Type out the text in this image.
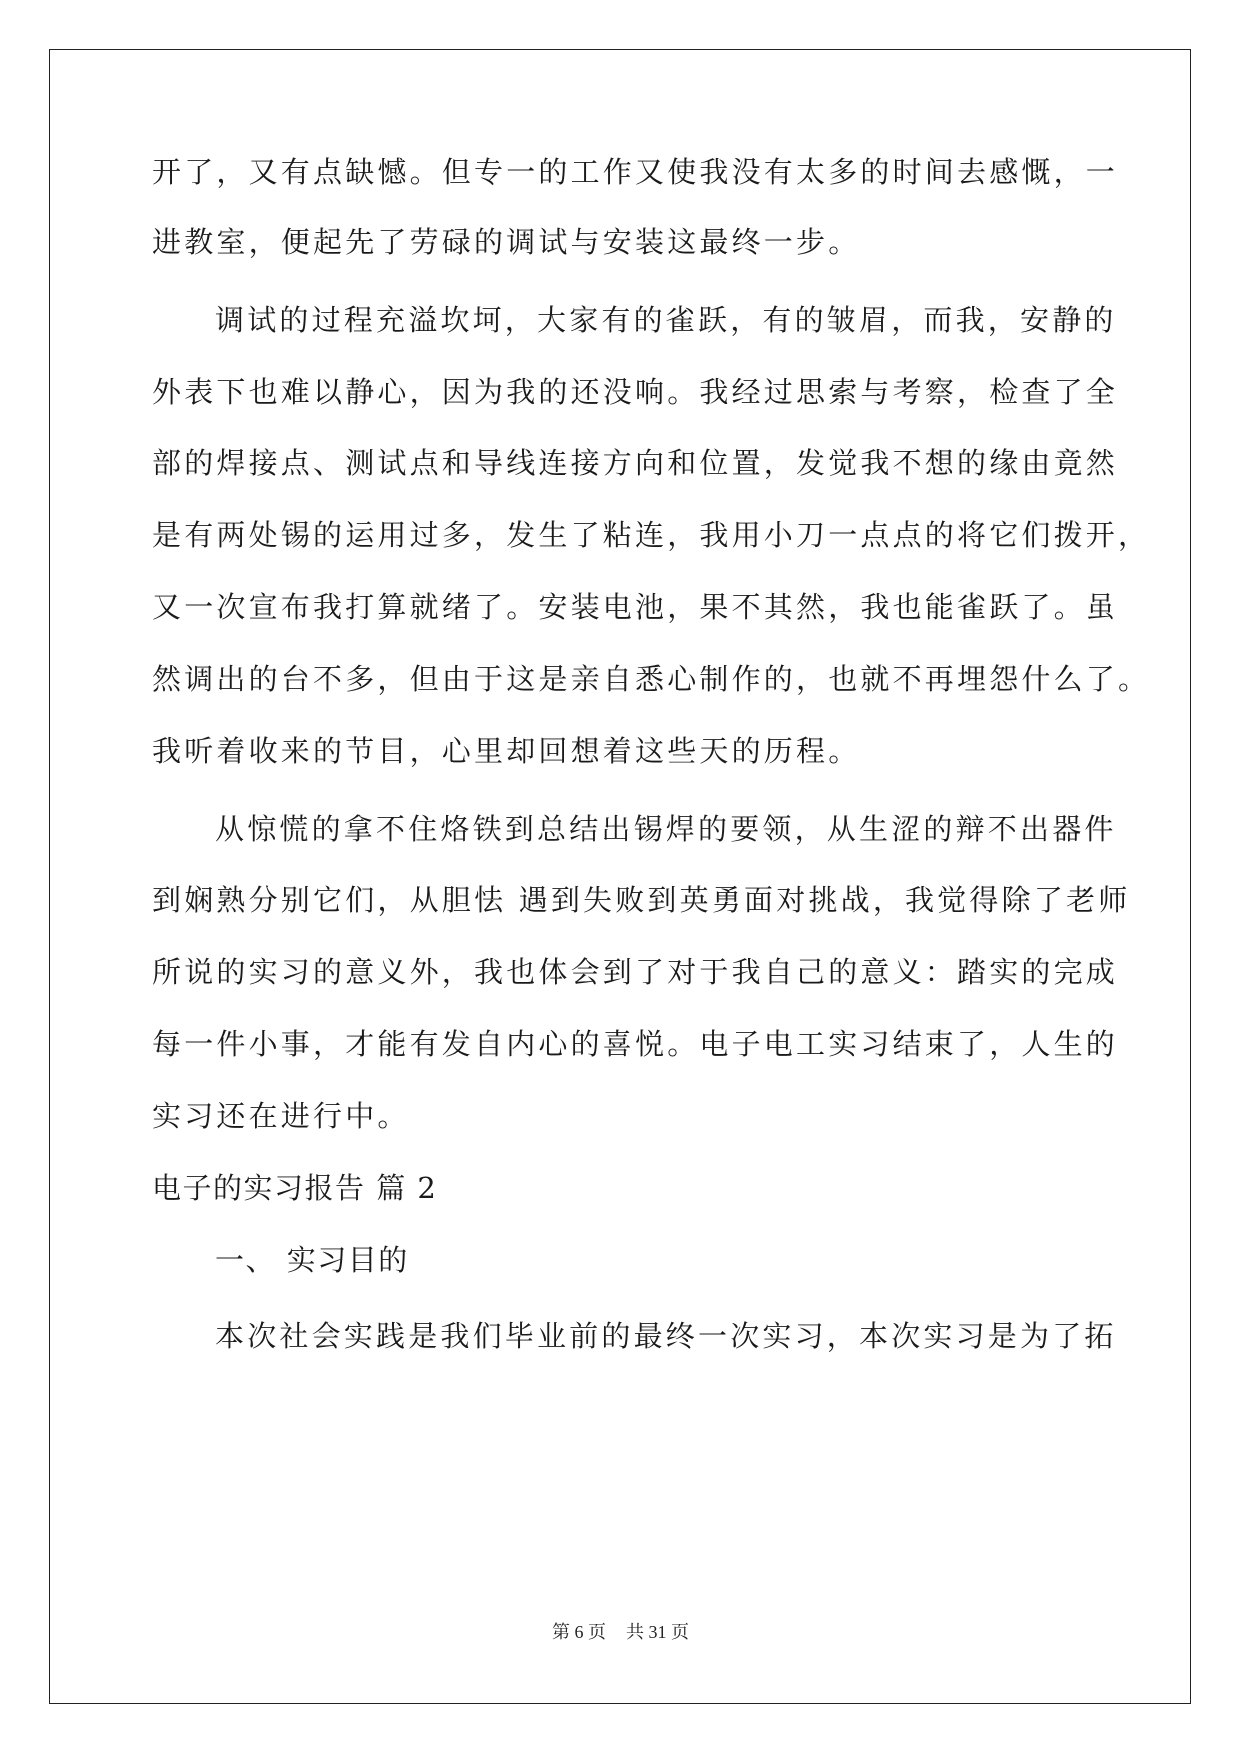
开了，又有点缺憾。但专一的工作又使我没有太多的时间去感慨，一
进教室，便起先了劳碌的调试与安装这最终一步。
调试的过程充溢坎坷，大家有的雀跃，有的皱眉，而我，安静的
外表下也难以静心，因为我的还没响。我经过思索与考察，检查了全
部的焊接点、测试点和导线连接方向和位置，发觉我不想的缘由竟然
是有两处锡的运用过多，发生了粘连，我用小刀一点点的将它们拨开，
又一次宣布我打算就绪了。安装电池，果不其然，我也能雀跃了。虽
然调出的台不多，但由于这是亲自悉心制作的，也就不再埋怨什么了。
我听着收来的节目，心里却回想着这些天的历程。
从惊慌的拿不住烙铁到总结出锡焊的要领，从生涩的辩不出器件
到娴熟分别它们，从胆怯 遇到失败到英勇面对挑战，我觉得除了老师
所说的实习的意义外，我也体会到了对于我自己的意义：踏实的完成
每一件小事，才能有发自内心的喜悦。电子电工实习结束了，人生的
实习还在进行中。
电子的实习报告 篇 2
一、 实习目的
本次社会实践是我们毕业前的最终一次实习，本次实习是为了拓
第 6 页 共 31 页
